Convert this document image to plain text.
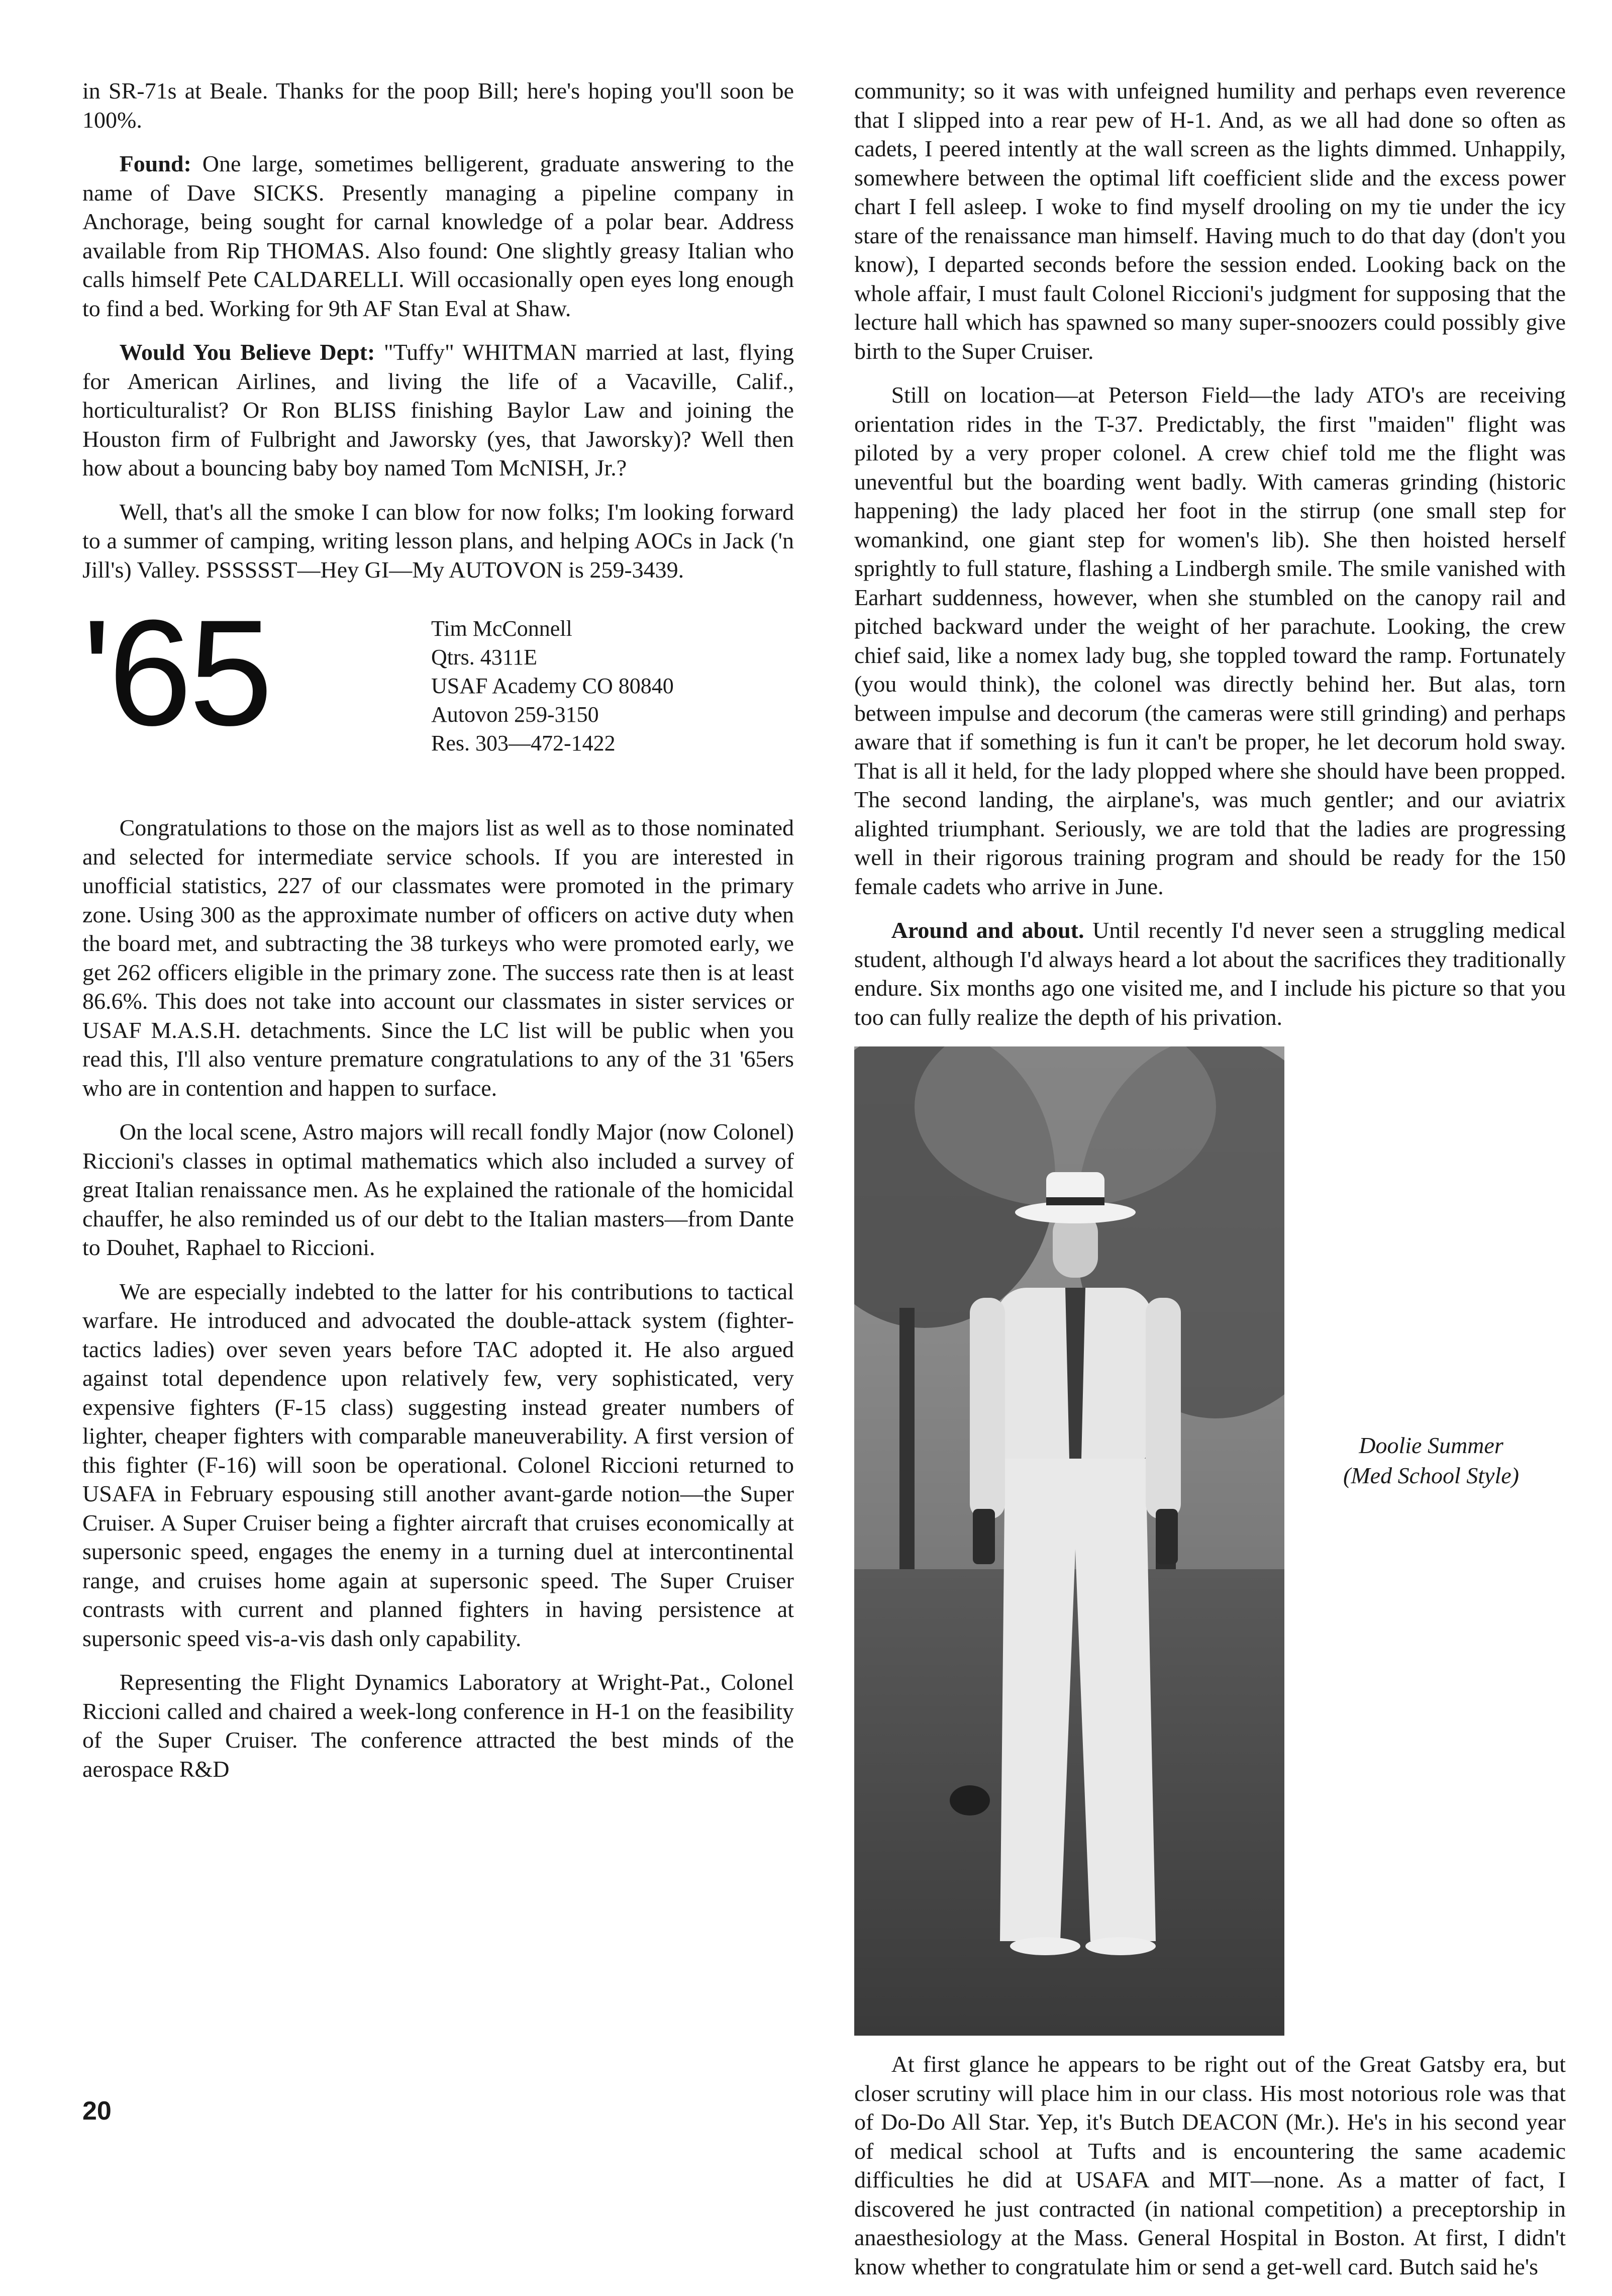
in SR-71s at Beale. Thanks for the poop Bill; here's hoping you'll soon be 100%.

Found: One large, sometimes belligerent, graduate answering to the name of Dave SICKS. Presently managing a pipeline company in Anchorage, being sought for carnal knowledge of a polar bear. Address available from Rip THOMAS. Also found: One slightly greasy Italian who calls himself Pete CALDARELLI. Will occasionally open eyes long enough to find a bed. Working for 9th AF Stan Eval at Shaw.

Would You Believe Dept: "Tuffy" WHITMAN married at last, flying for American Airlines, and living the life of a Vacaville, Calif., horticulturalist? Or Ron BLISS finishing Baylor Law and joining the Houston firm of Fulbright and Jaworsky (yes, that Jaworsky)? Well then how about a bouncing baby boy named Tom McNISH, Jr.?

Well, that's all the smoke I can blow for now folks; I'm looking forward to a summer of camping, writing lesson plans, and helping AOCs in Jack ('n Jill's) Valley. PSSSSST—Hey GI—My AUTOVON is 259-3439.

'65	Tim McConnell
Qtrs. 4311E
USAF Academy CO 80840
Autovon 259-3150
Res. 303—472-1422

Congratulations to those on the majors list as well as to those nominated and selected for intermediate service schools. If you are interested in unofficial statistics, 227 of our classmates were promoted in the primary zone. Using 300 as the approximate number of officers on active duty when the board met, and subtracting the 38 turkeys who were promoted early, we get 262 officers eligible in the primary zone. The success rate then is at least 86.6%. This does not take into account our classmates in sister services or USAF M.A.S.H. detachments. Since the LC list will be public when you read this, I'll also venture premature congratulations to any of the 31 '65ers who are in contention and happen to surface.

On the local scene, Astro majors will recall fondly Major (now Colonel) Riccioni's classes in optimal mathematics which also included a survey of great Italian renaissance men. As he explained the rationale of the homicidal chauffer, he also reminded us of our debt to the Italian masters—from Dante to Douhet, Raphael to Riccioni.

We are especially indebted to the latter for his contributions to tactical warfare. He introduced and advocated the double-attack system (fighter-tactics ladies) over seven years before TAC adopted it. He also argued against total dependence upon relatively few, very sophisticated, very expensive fighters (F-15 class) suggesting instead greater numbers of lighter, cheaper fighters with comparable maneuverability. A first version of this fighter (F-16) will soon be operational. Colonel Riccioni returned to USAFA in February espousing still another avant-garde notion—the Super Cruiser. A Super Cruiser being a fighter aircraft that cruises economically at supersonic speed, engages the enemy in a turning duel at intercontinental range, and cruises home again at supersonic speed. The Super Cruiser contrasts with current and planned fighters in having persistence at supersonic speed vis-a-vis dash only capability.

Representing the Flight Dynamics Laboratory at Wright-Pat., Colonel Riccioni called and chaired a week-long conference in H-1 on the feasibility of the Super Cruiser. The conference attracted the best minds of the aerospace R&D

community; so it was with unfeigned humility and perhaps even reverence that I slipped into a rear pew of H-1. And, as we all had done so often as cadets, I peered intently at the wall screen as the lights dimmed. Unhappily, somewhere between the optimal lift coefficient slide and the excess power chart I fell asleep. I woke to find myself drooling on my tie under the icy stare of the renaissance man himself. Having much to do that day (don't you know), I departed seconds before the session ended. Looking back on the whole affair, I must fault Colonel Riccioni's judgment for supposing that the lecture hall which has spawned so many super-snoozers could possibly give birth to the Super Cruiser.

Still on location—at Peterson Field—the lady ATO's are receiving orientation rides in the T-37. Predictably, the first "maiden" flight was piloted by a very proper colonel. A crew chief told me the flight was uneventful but the boarding went badly. With cameras grinding (historic happening) the lady placed her foot in the stirrup (one small step for womankind, one giant step for women's lib). She then hoisted herself sprightly to full stature, flashing a Lindbergh smile. The smile vanished with Earhart suddenness, however, when she stumbled on the canopy rail and pitched backward under the weight of her parachute. Looking, the crew chief said, like a nomex lady bug, she toppled toward the ramp. Fortunately (you would think), the colonel was directly behind her. But alas, torn between impulse and decorum (the cameras were still grinding) and perhaps aware that if something is fun it can't be proper, he let decorum hold sway. That is all it held, for the lady plopped where she should have been propped. The second landing, the airplane's, was much gentler; and our aviatrix alighted triumphant. Seriously, we are told that the ladies are progressing well in their rigorous training program and should be ready for the 150 female cadets who arrive in June.

Around and about. Until recently I'd never seen a struggling medical student, although I'd always heard a lot about the sacrifices they traditionally endure. Six months ago one visited me, and I include his picture so that you too can fully realize the depth of his privation.

Doolie Summer
(Med School Style)

At first glance he appears to be right out of the Great Gatsby era, but closer scrutiny will place him in our class. His most notorious role was that of Do-Do All Star. Yep, it's Butch DEACON (Mr.). He's in his second year of medical school at Tufts and is encountering the same academic difficulties he did at USAFA and MIT—none. As a matter of fact, I discovered he just contracted (in national competition) a preceptorship in anaesthesiology at the Mass. General Hospital in Boston. At first, I didn't know whether to congratulate him or send a get-well card. Butch said he's

20
